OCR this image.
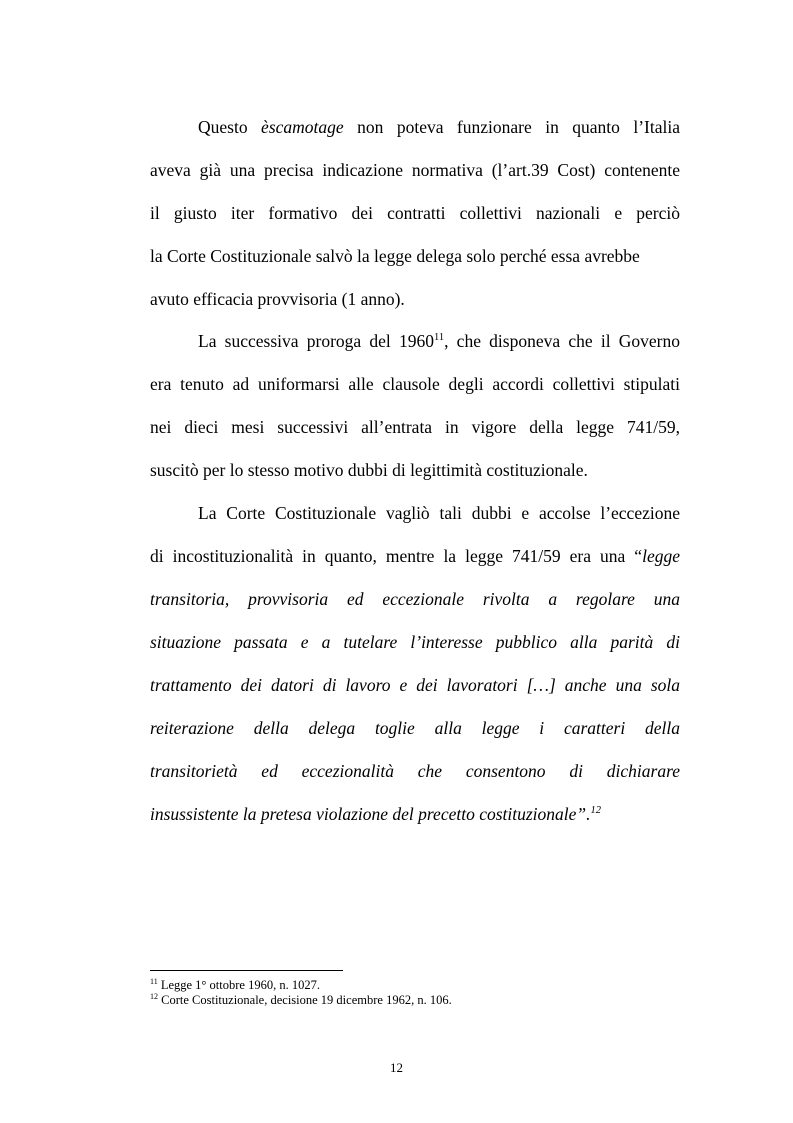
Questo èscamotage non poteva funzionare in quanto l’Italia
aveva già una precisa indicazione normativa (l’art.39 Cost) contenente
il giusto iter formativo dei contratti collettivi nazionali e perciò
la Corte Costituzionale salvò la legge delega solo perché essa avrebbe
avuto efficacia provvisoria (1 anno).
La successiva proroga del 1960$^{11}$, che disponeva che il Governo
era tenuto ad uniformarsi alle clausole degli accordi collettivi stipulati
nei dieci mesi successivi all’entrata in vigore della legge 741/59,
suscitò per lo stesso motivo dubbi di legittimità costituzionale.
La Corte Costituzionale vagliò tali dubbi e accolse l’eccezione
di incostituzionalità in quanto, mentre la legge 741/59 era una “legge
transitoria, provvisoria ed eccezionale rivolta a regolare una
situazione passata e a tutelare l’interesse pubblico alla parità di
trattamento dei datori di lavoro e dei lavoratori […] anche una sola
reiterazione della delega toglie alla legge i caratteri della
transitorietà ed eccezionalità che consentono di dichiarare
insussistente la pretesa violazione del precetto costituzionale”.$^{12}$
$^{11}$ Legge 1° ottobre 1960, n. 1027.
$^{12}$ Corte Costituzionale, decisione 19 dicembre 1962, n. 106.
12
